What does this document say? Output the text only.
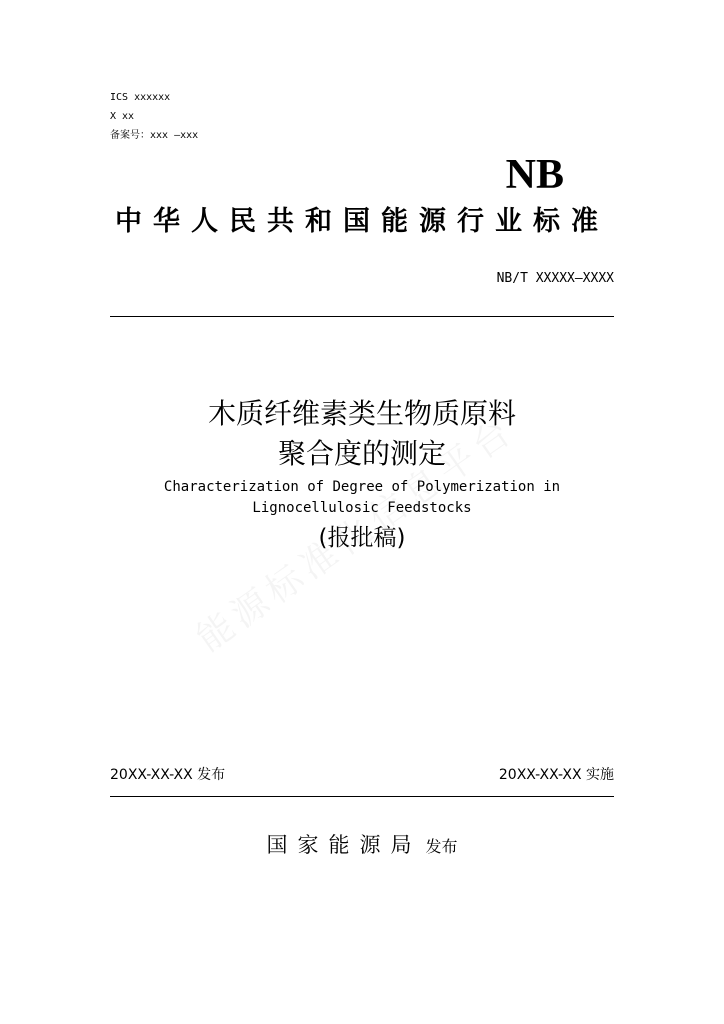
ICS xxxxxx
X xx
备案号：xxx —xxx
NB
中华人民共和国能源行业标准
NB/T XXXXX—XXXX
木质纤维素类生物质原料
聚合度的测定
Characterization of Degree of Polymerization in
Lignocellulosic Feedstocks
(报批稿)
20XX-XX-XX 发布	20XX-XX-XX 实施
国家能源局 发布
